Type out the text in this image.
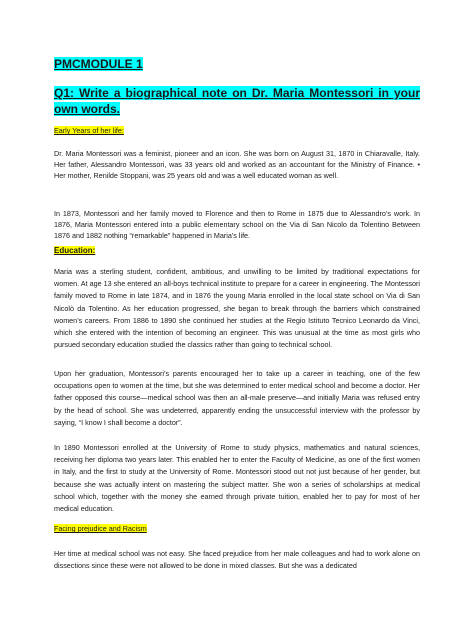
PMCMODULE 1

Q1: Write a biographical note on Dr. Maria Montessori in your own words.

Early Years of her life:

Dr. Maria Montessori was a feminist, pioneer and an icon. She was born on August 31, 1870 in Chiaravalle, Italy. Her father, Alessandro Montessori, was 33 years old and worked as an accountant for the Ministry of Finance. • Her mother, Renilde Stoppani, was 25 years old and was a well educated woman as well.

In 1873, Montessori and her family moved to Florence and then to Rome in 1875 due to Alessandro’s work. In 1876, Maria Montessori entered into a public elementary school on the Via di San Nicolo da Tolentino Between 1876 and 1882 nothing “remarkable” happened in Maria’s life.

Education:

Maria was a sterling student, confident, ambitious, and unwilling to be limited by traditional expectations for women. At age 13 she entered an all-boys technical institute to prepare for a career in engineering. The Montessori family moved to Rome in late 1874, and in 1876 the young Maria enrolled in the local state school on Via di San Nicolò da Tolentino. As her education progressed, she began to break through the barriers which constrained women’s careers. From 1886 to 1890 she continued her studies at the Regio Istituto Tecnico Leonardo da Vinci, which she entered with the intention of becoming an engineer. This was unusual at the time as most girls who pursued secondary education studied the classics rather than going to technical school.

Upon her graduation, Montessori’s parents encouraged her to take up a career in teaching, one of the few occupations open to women at the time, but she was determined to enter medical school and become a doctor. Her father opposed this course—medical school was then an all-male preserve—and initially Maria was refused entry by the head of school. She was undeterred, apparently ending the unsuccessful interview with the professor by saying, “I know I shall become a doctor”.

In 1890 Montessori enrolled at the University of Rome to study physics, mathematics and natural sciences, receiving her diploma two years later. This enabled her to enter the Faculty of Medicine, as one of the first women in Italy, and the first to study at the University of Rome. Montessori stood out not just because of her gender, but because she was actually intent on mastering the subject matter. She won a series of scholarships at medical school which, together with the money she earned through private tuition, enabled her to pay for most of her medical education.

Facing prejudice and Racism

Her time at medical school was not easy. She faced prejudice from her male colleagues and had to work alone on dissections since these were not allowed to be done in mixed classes. But she was a dedicated
